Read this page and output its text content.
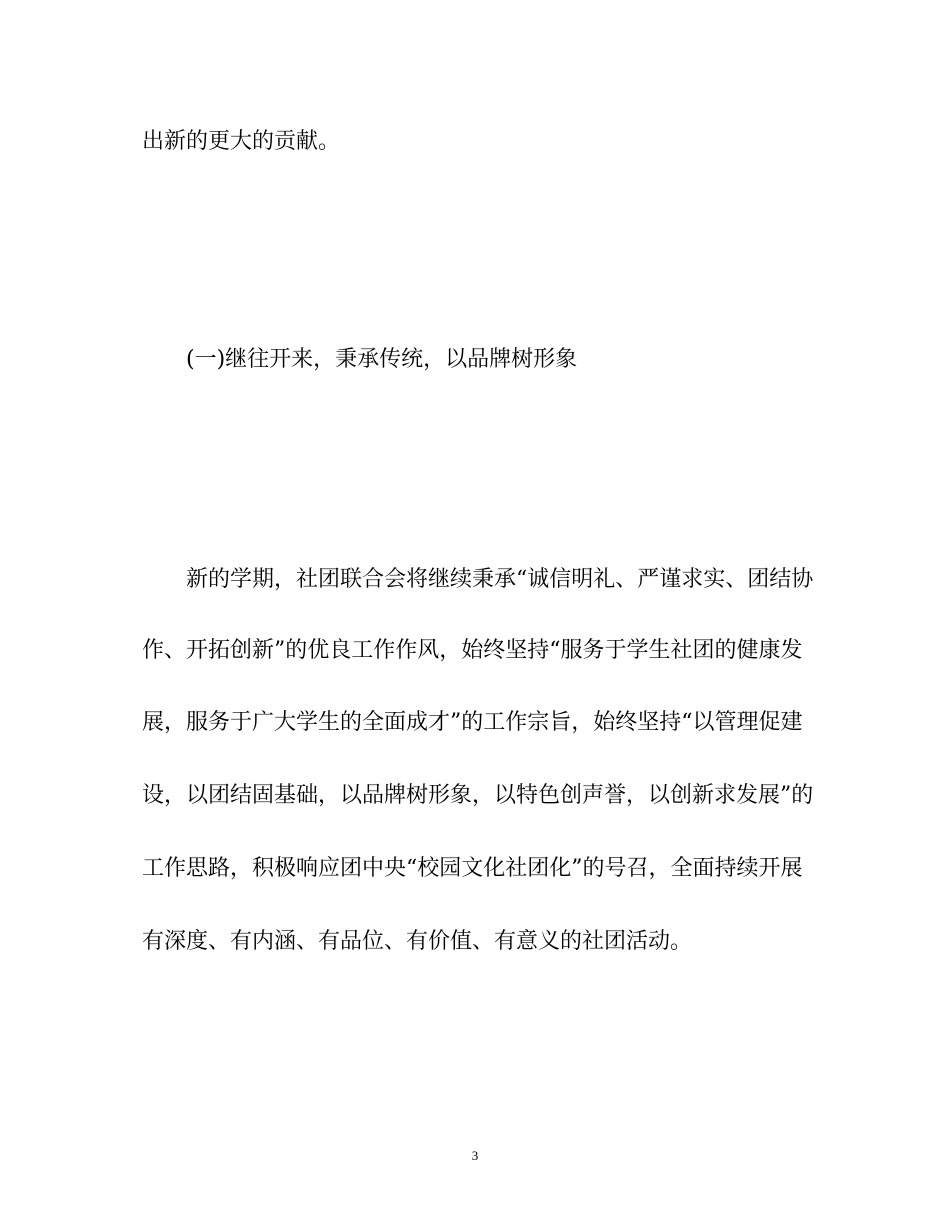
出新的更大的贡献。
(一)继往开来，秉承传统，以品牌树形象
新的学期，社团联合会将继续秉承“诚信明礼、严谨求实、团结协
作、开拓创新”的优良工作作风，始终坚持“服务于学生社团的健康发
展，服务于广大学生的全面成才”的工作宗旨，始终坚持“以管理促建
设，以团结固基础，以品牌树形象，以特色创声誉，以创新求发展”的
工作思路，积极响应团中央“校园文化社团化”的号召，全面持续开展
有深度、有内涵、有品位、有价值、有意义的社团活动。
3
